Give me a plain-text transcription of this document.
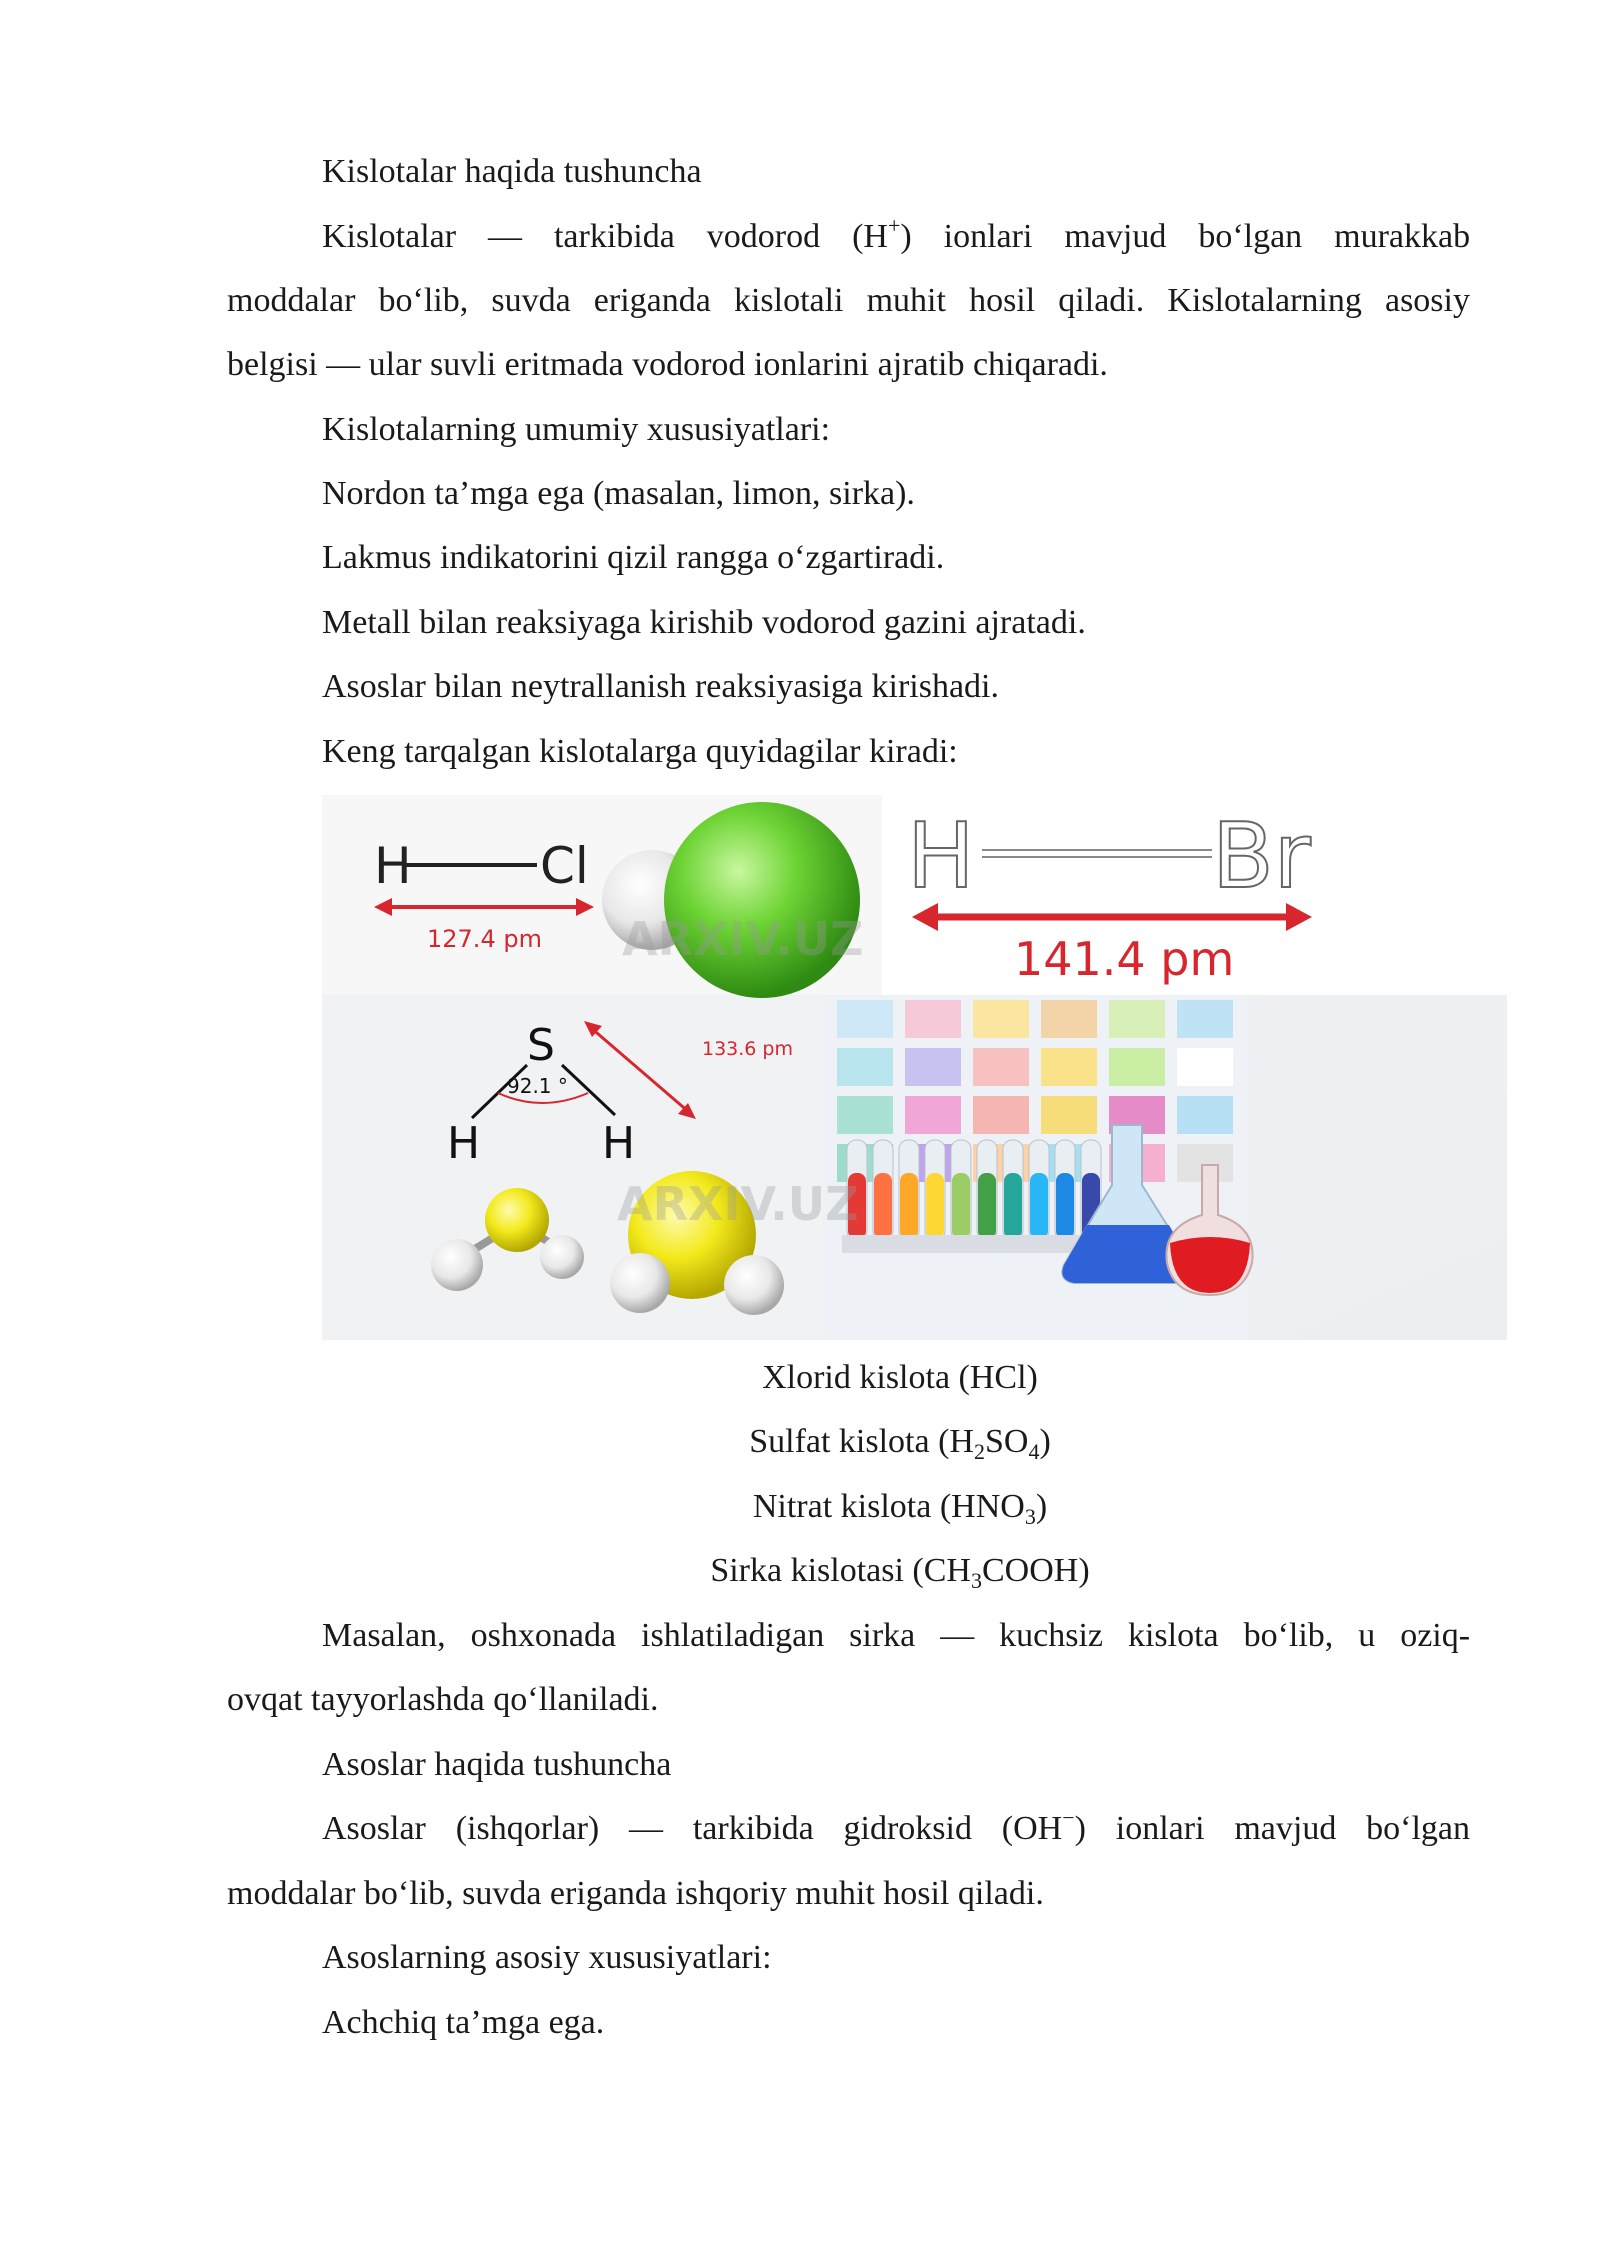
Kislotalar haqida tushuncha
Kislotalar — tarkibida vodorod (H+) ionlari mavjud bo‘lgan murakkab
moddalar bo‘lib, suvda eriganda kislotali muhit hosil qiladi. Kislotalarning asosiy
belgisi — ular suvli eritmada vodorod ionlarini ajratib chiqaradi.
Kislotalarning umumiy xususiyatlari:
Nordon ta’mga ega (masalan, limon, sirka).
Lakmus indikatorini qizil rangga o‘zgartiradi.
Metall bilan reaksiyaga kirishib vodorod gazini ajratadi.
Asoslar bilan neytrallanish reaksiyasiga kirishadi.
Keng tarqalgan kislotalarga quyidagilar kiradi:
H	Cl
127.4 pm
H	Br
141.4 pm
S
92.1 °
H	H
133.6 pm
ARXIV.UZ
ARXIV.UZ
Xlorid kislota (HCl)
Sulfat kislota $(H_2SO_4)$
Nitrat kislota $(HNO_3)$
Sirka kislotasi $(CH_3COOH)$
Masalan, oshxonada ishlatiladigan sirka — kuchsiz kislota bo‘lib, u oziq-
ovqat tayyorlashda qo‘llaniladi.
Asoslar haqida tushuncha
Asoslar (ishqorlar) — tarkibida gidroksid (OH−) ionlari mavjud bo‘lgan
moddalar bo‘lib, suvda eriganda ishqoriy muhit hosil qiladi.
Asoslarning asosiy xususiyatlari:
Achchiq ta’mga ega.
